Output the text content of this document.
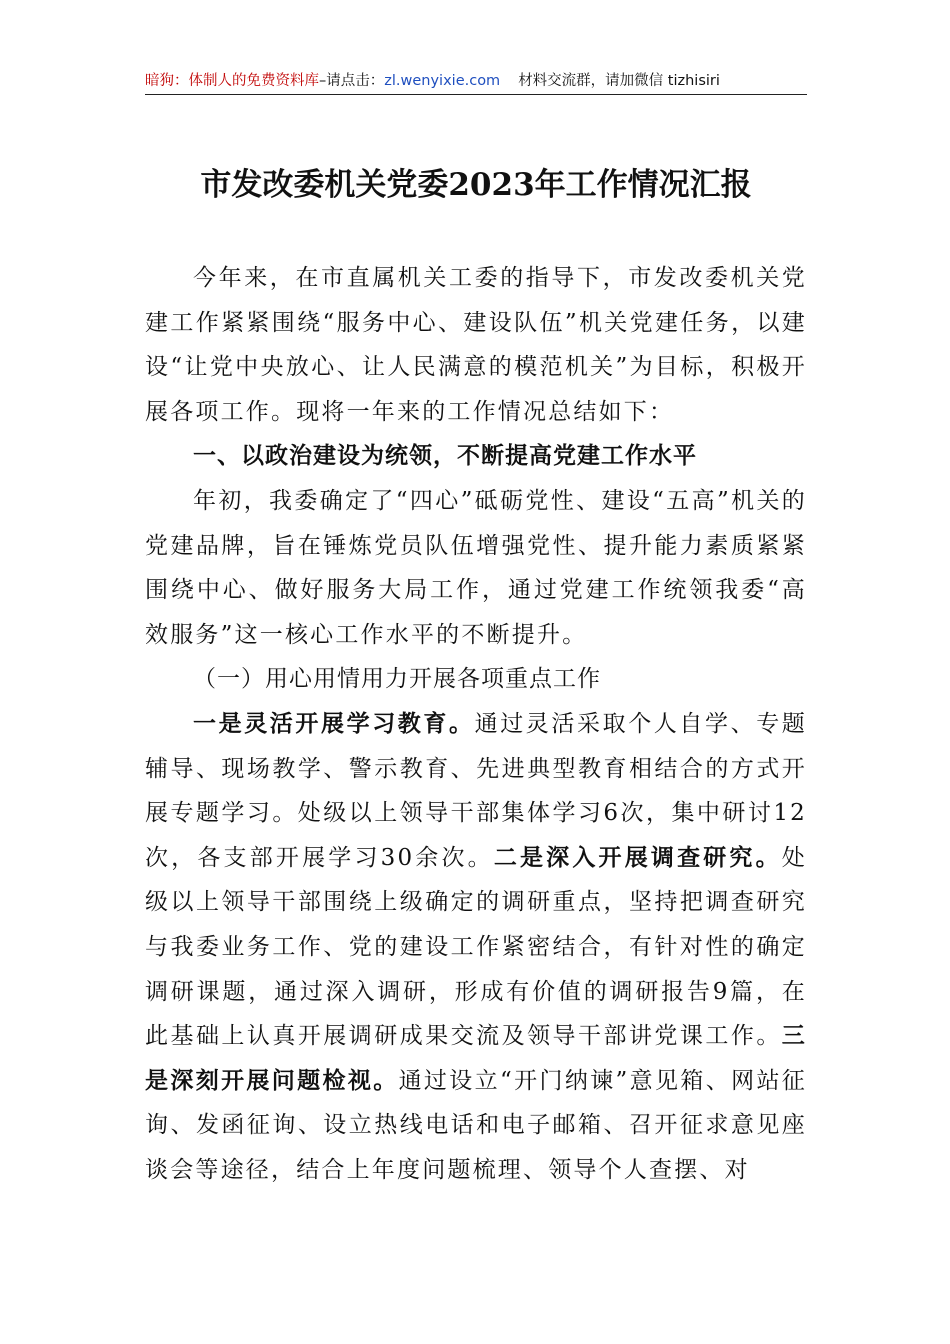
暗狗：体制人的免费资料库–请点击：zl.wenyixie.com 材料交流群，请加微信 tizhisiri
市发改委机关党委2023年工作情况汇报

今年来，在市直属机关工委的指导下，市发改委机关党建工作紧紧围绕“服务中心、建设队伍”机关党建任务，以建设“让党中央放心、让人民满意的模范机关”为目标，积极开展各项工作。现将一年来的工作情况总结如下：

一、以政治建设为统领，不断提高党建工作水平

年初，我委确定了“四心”砥砺党性、建设“五高”机关的党建品牌，旨在锤炼党员队伍增强党性、提升能力素质紧紧围绕中心、做好服务大局工作，通过党建工作统领我委“高效服务”这一核心工作水平的不断提升。

（一）用心用情用力开展各项重点工作

一是灵活开展学习教育。通过灵活采取个人自学、专题辅导、现场教学、警示教育、先进典型教育相结合的方式开展专题学习。处级以上领导干部集体学习6次，集中研讨12次，各支部开展学习30余次。二是深入开展调查研究。处级以上领导干部围绕上级确定的调研重点，坚持把调查研究与我委业务工作、党的建设工作紧密结合，有针对性的确定调研课题，通过深入调研，形成有价值的调研报告9篇，在此基础上认真开展调研成果交流及领导干部讲党课工作。三是深刻开展问题检视。通过设立“开门纳谏”意见箱、网站征询、发函征询、设立热线电话和电子邮箱、召开征求意见座谈会等途径，结合上年度问题梳理、领导个人查摆、对
